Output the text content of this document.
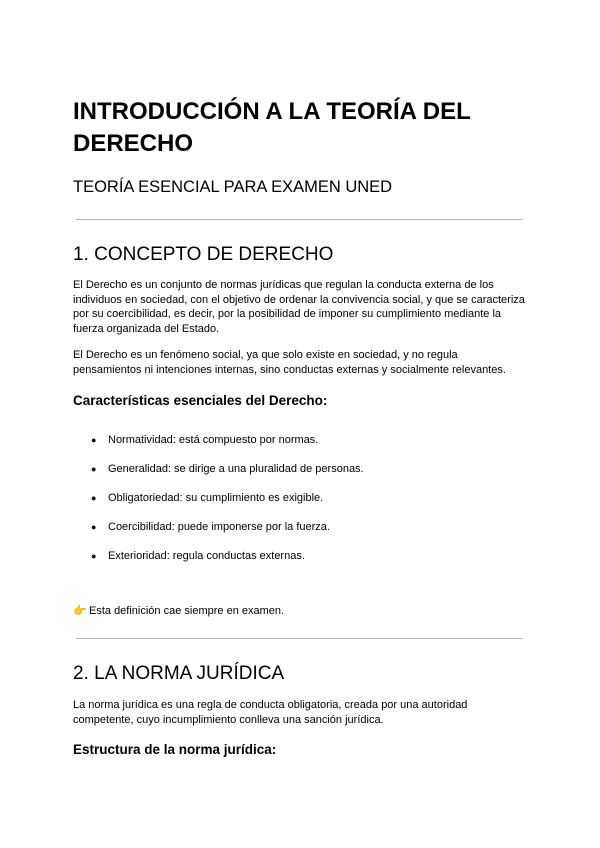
INTRODUCCIÓN A LA TEORÍA DEL DERECHO
TEORÍA ESENCIAL PARA EXAMEN UNED
1. CONCEPTO DE DERECHO

El Derecho es un conjunto de normas jurídicas que regulan la conducta externa de los individuos en sociedad, con el objetivo de ordenar la convivencia social, y que se caracteriza por su coercibilidad, es decir, por la posibilidad de imponer su cumplimiento mediante la fuerza organizada del Estado.

El Derecho es un fenómeno social, ya que solo existe en sociedad, y no regula pensamientos ni intenciones internas, sino conductas externas y socialmente relevantes.

Características esenciales del Derecho:
● Normatividad: está compuesto por normas.
● Generalidad: se dirige a una pluralidad de personas.
● Obligatoriedad: su cumplimiento es exigible.
● Coercibilidad: puede imponerse por la fuerza.
● Exterioridad: regula conductas externas.
👉 Esta definición cae siempre en examen.
2. LA NORMA JURÍDICA

La norma jurídica es una regla de conducta obligatoria, creada por una autoridad competente, cuyo incumplimiento conlleva una sanción jurídica.

Estructura de la norma jurídica:
